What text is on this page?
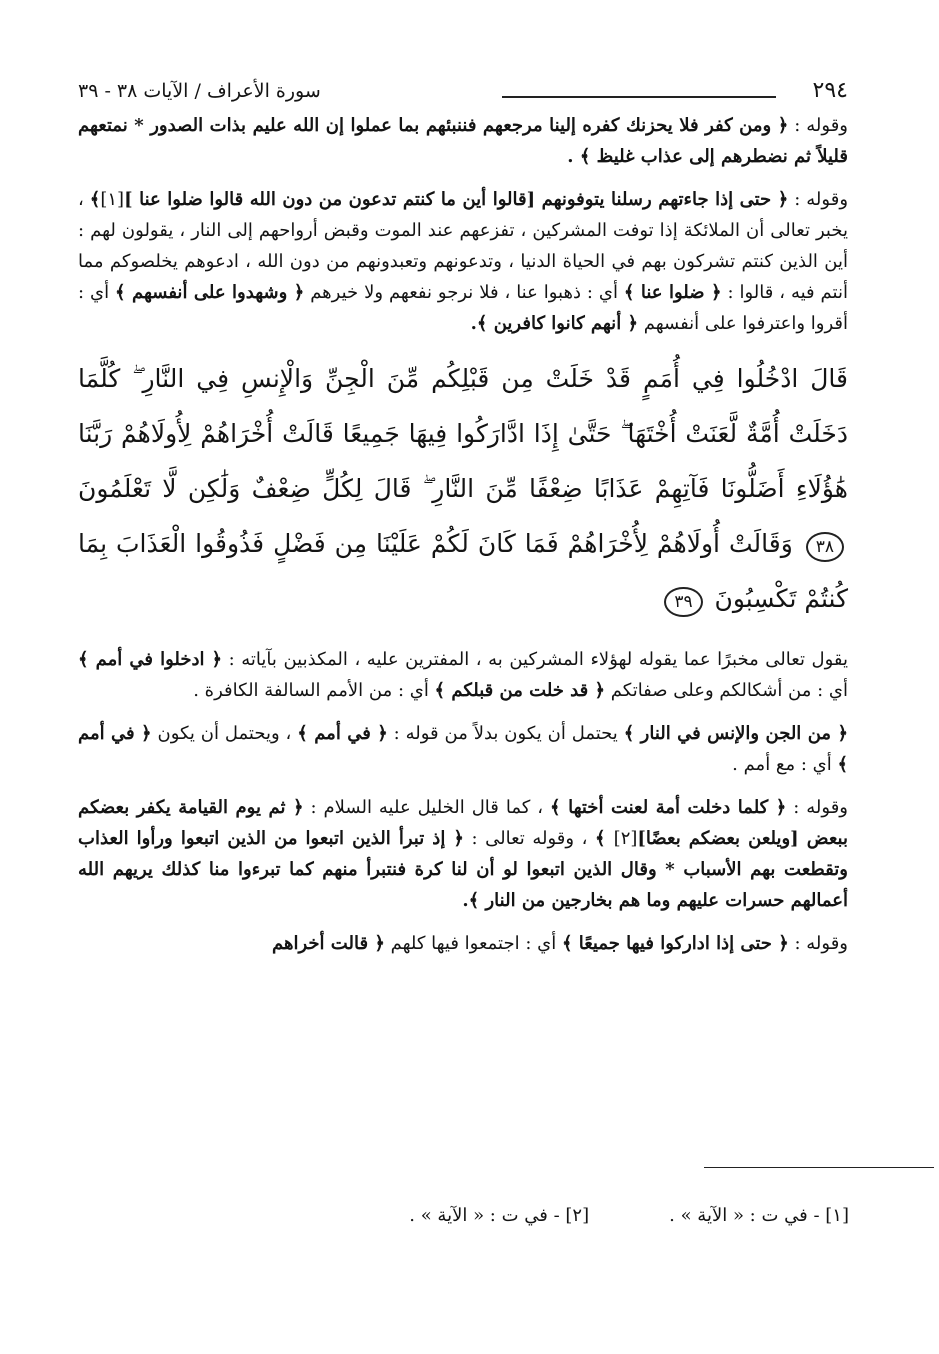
٢٩٤
سورة الأعراف / الآيات ٣٨ - ٣٩

وقوله : ﴿ ومن كفر فلا يحزنك كفره إلينا مرجعهم فننبئهم بما عملوا إن الله عليم بذات الصدور * نمتعهم قليلاً ثم نضطرهم إلى عذاب غليظ ﴾ .

وقوله : ﴿ حتى إذا جاءتهم رسلنا يتوفونهم [قالوا أين ما كنتم تدعون من دون الله قالوا ضلوا عنا ][١]﴾ ، يخبر تعالى أن الملائكة إذا توفت المشركين ، تفزعهم عند الموت وقبض أرواحهم إلى النار ، يقولون لهم : أين الذين كنتم تشركون بهم في الحياة الدنيا ، وتدعونهم وتعبدونهم من دون الله ، ادعوهم يخلصوكم مما أنتم فيه ، قالوا : ﴿ ضلوا عنا ﴾ أي : ذهبوا عنا ، فلا نرجو نفعهم ولا خيرهم ﴿ وشهدوا على أنفسهم ﴾ أي : أقروا واعترفوا على أنفسهم ﴿ أنهم كانوا كافرين ﴾.

قَالَ ادْخُلُوا فِي أُمَمٍ قَدْ خَلَتْ مِن قَبْلِكُم مِّنَ الْجِنِّ وَالْإِنسِ فِي النَّارِ ۖ كُلَّمَا دَخَلَتْ أُمَّةٌ لَّعَنَتْ أُخْتَهَا ۖ حَتَّىٰ إِذَا ادَّارَكُوا فِيهَا جَمِيعًا قَالَتْ أُخْرَاهُمْ لِأُولَاهُمْ رَبَّنَا هَٰؤُلَاءِ أَضَلُّونَا فَآتِهِمْ عَذَابًا ضِعْفًا مِّنَ النَّارِ ۖ قَالَ لِكُلٍّ ضِعْفٌ وَلَٰكِن لَّا تَعْلَمُونَ ٣٨ وَقَالَتْ أُولَاهُمْ لِأُخْرَاهُمْ فَمَا كَانَ لَكُمْ عَلَيْنَا مِن فَضْلٍ فَذُوقُوا الْعَذَابَ بِمَا كُنتُمْ تَكْسِبُونَ ٣٩

يقول تعالى مخبرًا عما يقوله لهؤلاء المشركين به ، المفترين عليه ، المكذبين بآياته : ﴿ ادخلوا في أمم ﴾ أي : من أشكالكم وعلى صفاتكم ﴿ قد خلت من قبلكم ﴾ أي : من الأمم السالفة الكافرة .

﴿ من الجن والإنس في النار ﴾ يحتمل أن يكون بدلاً من قوله : ﴿ في أمم ﴾ ، ويحتمل أن يكون ﴿ في أمم ﴾ أي : مع أمم .

وقوله : ﴿ كلما دخلت أمة لعنت أختها ﴾ ، كما قال الخليل عليه السلام : ﴿ ثم يوم القيامة يكفر بعضكم ببعض [ويلعن بعضكم بعضًا][٢] ﴾ ، وقوله تعالى : ﴿ إذ تبرأ الذين اتبعوا من الذين اتبعوا ورأوا العذاب وتقطعت بهم الأسباب * وقال الذين اتبعوا لو أن لنا كرة فنتبرأ منهم كما تبرءوا منا كذلك يريهم الله أعمالهم حسرات عليهم وما هم بخارجين من النار ﴾.

وقوله : ﴿ حتى إذا اداركوا فيها جميعًا ﴾ أي : اجتمعوا فيها كلهم ﴿ قالت أخراهم

[١] - في ت : « الآية » .
[٢] - في ت : « الآية » .
